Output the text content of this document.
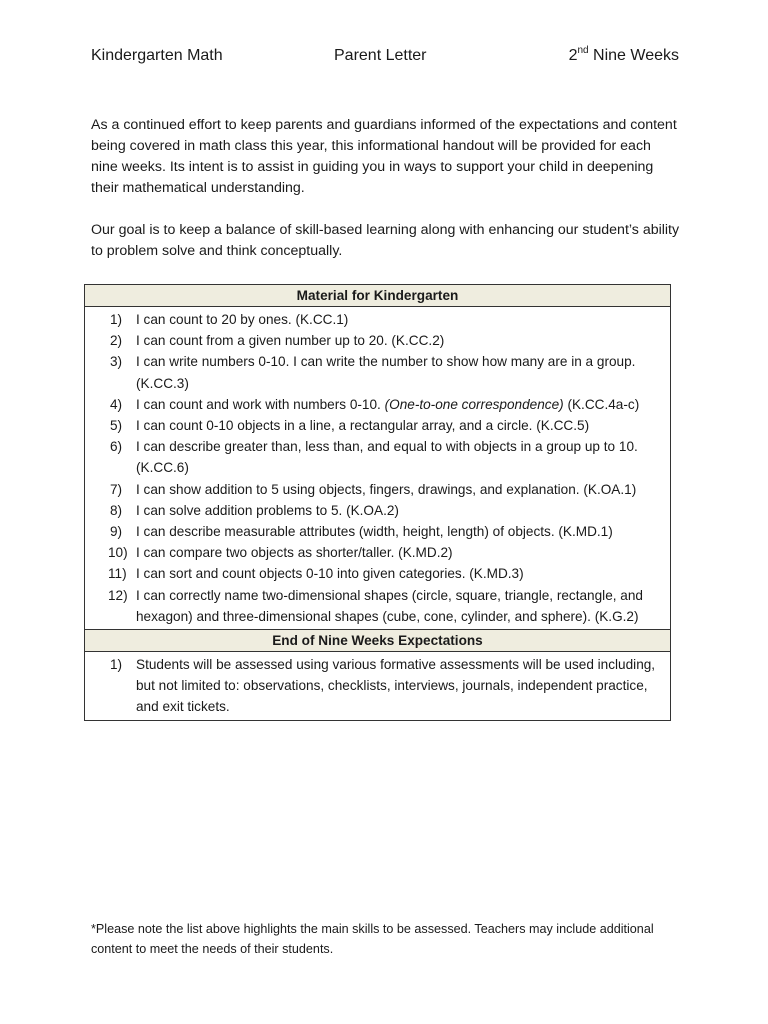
Kindergarten Math	Parent Letter	2nd Nine Weeks

As a continued effort to keep parents and guardians informed of the expectations and content being covered in math class this year, this informational handout will be provided for each nine weeks. Its intent is to assist in guiding you in ways to support your child in deepening their mathematical understanding.

Our goal is to keep a balance of skill-based learning along with enhancing our student’s ability to problem solve and think conceptually.

Material for Kindergarten

1)	I can count to 20 by ones. (K.CC.1)
2)	I can count from a given number up to 20. (K.CC.2)
3)	I can write numbers 0-10. I can write the number to show how many are in a group. (K.CC.3)
4)	I can count and work with numbers 0-10. (One-to-one correspondence) (K.CC.4a-c)
5)	I can count 0-10 objects in a line, a rectangular array, and a circle. (K.CC.5)
6)	I can describe greater than, less than, and equal to with objects in a group up to 10. (K.CC.6)
7)	I can show addition to 5 using objects, fingers, drawings, and explanation. (K.OA.1)
8)	I can solve addition problems to 5. (K.OA.2)
9)	I can describe measurable attributes (width, height, length) of objects. (K.MD.1)
10) I can compare two objects as shorter/taller. (K.MD.2)
11) I can sort and count objects 0-10 into given categories. (K.MD.3)
12) I can correctly name two-dimensional shapes (circle, square, triangle, rectangle, and hexagon) and three-dimensional shapes (cube, cone, cylinder, and sphere). (K.G.2)

End of Nine Weeks Expectations

1)	Students will be assessed using various formative assessments will be used including, but not limited to: observations, checklists, interviews, journals, independent practice, and exit tickets.
*Please note the list above highlights the main skills to be assessed. Teachers may include additional content to meet the needs of their students.
